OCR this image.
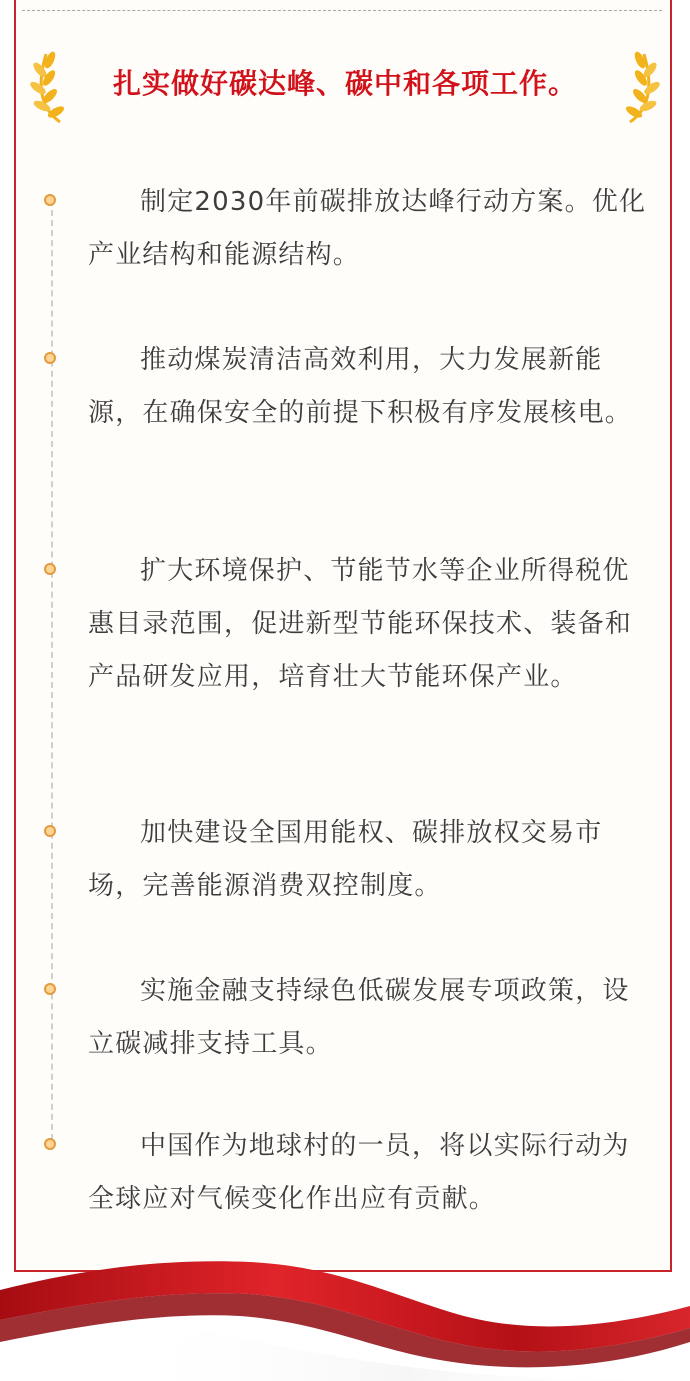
扎实做好碳达峰、碳中和各项工作。

制定2030年前碳排放达峰行动方案。优化产业结构和能源结构。

推动煤炭清洁高效利用，大力发展新能源，在确保安全的前提下积极有序发展核电。

扩大环境保护、节能节水等企业所得税优惠目录范围，促进新型节能环保技术、装备和产品研发应用，培育壮大节能环保产业。

加快建设全国用能权、碳排放权交易市场，完善能源消费双控制度。

实施金融支持绿色低碳发展专项政策，设立碳减排支持工具。

中国作为地球村的一员，将以实际行动为全球应对气候变化作出应有贡献。
